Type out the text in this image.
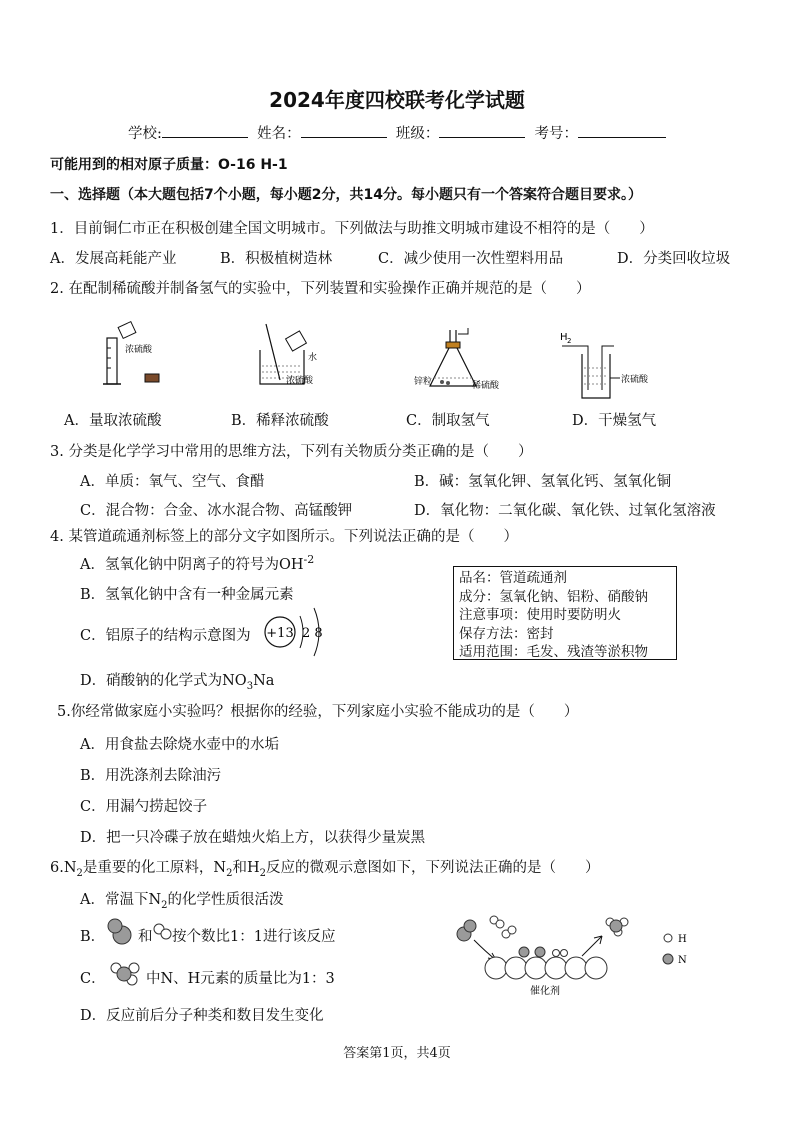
2024年度四校联考化学试题
学校:	姓名：	班级：	考号：
可能用到的相对原子质量：O-16 H-1
一、选择题（本大题包括7个小题，每小题2分，共14分。每小题只有一个答案符合题目要求。）
1．目前铜仁市正在积极创建全国文明城市。下列做法与助推文明城市建设不相符的是（　　）
A．发展高耗能产业	B．积极植树造林	C．减少使用一次性塑料用品	D．分类回收垃圾
2. 在配制稀硫酸并制备氢气的实验中，下列装置和实验操作正确并规范的是（　　）
浓硫酸
水
浓硫酸	锌粒	稀硫酸
H 2
浓硫酸
A．量取浓硫酸	B．稀释浓硫酸	C．制取氢气	D．干燥氢气
3. 分类是化学学习中常用的思维方法，下列有关物质分类正确的是（　　）
A．单质：氧气、空气、食醋	B．碱：氢氧化钾、氢氧化钙、氢氧化铜
C．混合物：合金、冰水混合物、高锰酸钾	D．氧化物：二氧化碳、氧化铁、过氧化氢溶液
4. 某管道疏通剂标签上的部分文字如图所示。下列说法正确的是（　　）
A．氢氧化钠中阴离子的符号为$OH^{-2}$
B．氢氧化钠中含有一种金属元素
C．铝原子的结构示意图为 +13 2 8
D．硝酸钠的化学式为$NO_3Na$
品名：管道疏通剂
成分：氢氧化钠、铝粉、硝酸钠
注意事项：使用时要防明火
保存方法：密封
适用范围：毛发、残渣等淤积物
5.你经常做家庭小实验吗？根据你的经验，下列家庭小实验不能成功的是（　　）
A．用食盐去除烧水壶中的水垢
B．用洗涤剂去除油污
C．用漏勺捞起饺子
D．把一只冷碟子放在蜡烛火焰上方，以获得少量炭黑
$6.N_2$是重要的化工原料，$N_2$和$H_2$反应的微观示意图如下，下列说法正确的是（　　）
A．常温下$N_2$的化学性质很活泼
B． 和 按个数比1：1进行该反应
C．	中N、H元素的质量比为1：3
D．反应前后分子种类和数目发生变化
催化剂
H
N
答案第1页，共4页
